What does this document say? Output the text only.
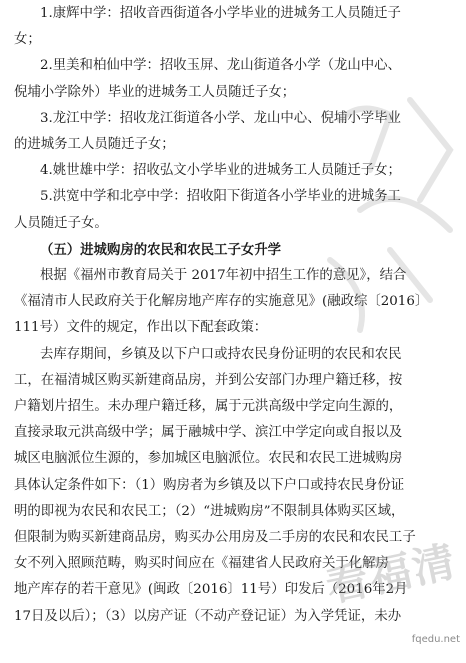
1.康辉中学：招收音西街道各小学毕业的进城务工人员随迁子
女；
2.里美和柏仙中学：招收玉屏、龙山街道各小学（龙山中心、
倪埔小学除外）毕业的进城务工人员随迁子女；
3.龙江中学：招收龙江街道各小学、龙山中心、倪埔小学毕业
的进城务工人员随迁子女；
4.姚世雄中学：招收弘文小学毕业的进城务工人员随迁子女；
5.洪宽中学和北亭中学：招收阳下街道各小学毕业的进城务工
人员随迁子女。
（五）进城购房的农民和农民工子女升学
根据《福州市教育局关于 2017年初中招生工作的意见》，结合
《福清市人民政府关于化解房地产库存的实施意见》(融政综〔2016〕
111号）文件的规定，作出以下配套政策：
去库存期间，乡镇及以下户口或持农民身份证明的农民和农民
工，在福清城区购买新建商品房，并到公安部门办理户籍迁移，按
户籍划片招生。未办理户籍迁移，属于元洪高级中学定向生源的，
直接录取元洪高级中学；属于融城中学、滨江中学定向或自报以及
城区电脑派位生源的，参加城区电脑派位。农民和农民工进城购房
具体认定条件如下：（1）购房者为乡镇及以下户口或持农民身份证
明的即视为农民和农民工；（2）“进城购房”不限制具体购买区域，
但限制为购买新建商品房，购买办公用房及二手房的农民和农民工子
女不列入照顾范畴，购买时间应在《福建省人民政府关于化解房
地产库存的若干意见》(闽政〔2016〕11号）印发后（2016年2月
17日及以后）；（3）以房产证（不动产登记证）为入学凭证，未办
看福清
fqedu.net
